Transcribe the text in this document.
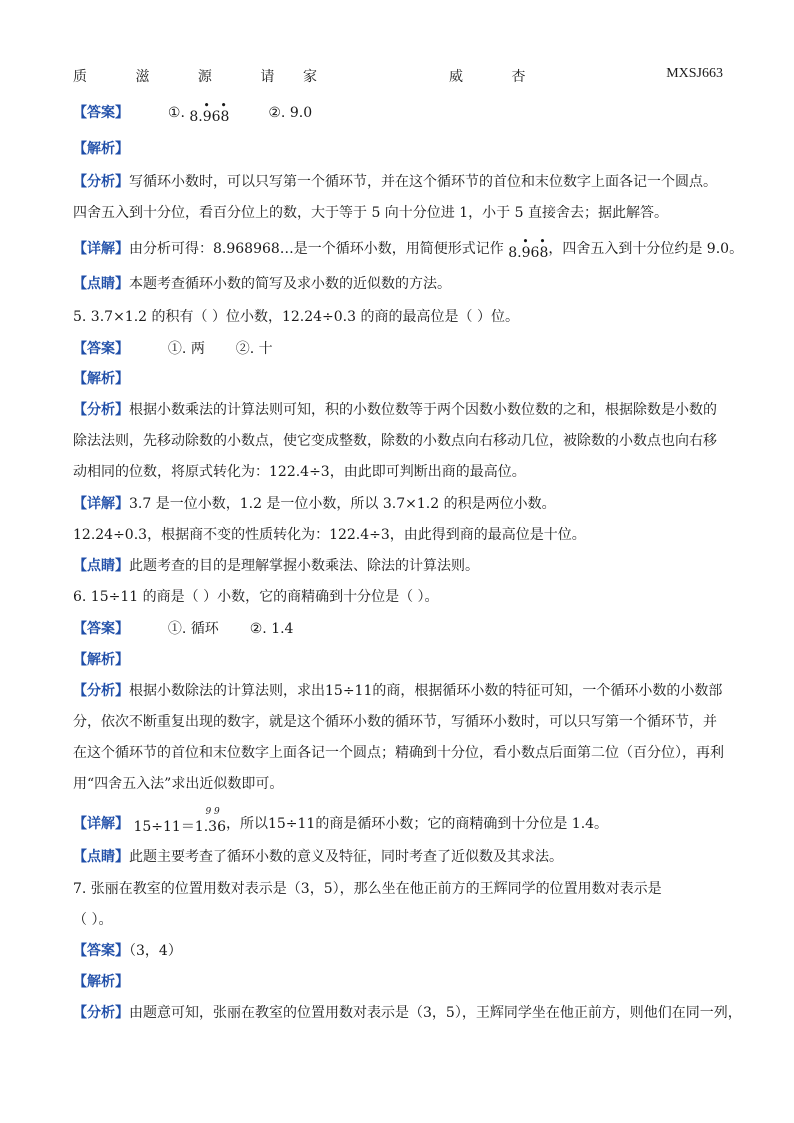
质 滋 源 请 家	威 杏	MXSJ663
【答案】	①. 8.968
• •	②. 9.0
【解析】
【分析】写循环小数时，可以只写第一个循环节，并在这个循环节的首位和末位数字上面各记一个圆点。
四舍五入到十分位，看百分位上的数，大于等于 5 向十分位进 1，小于 5 直接舍去；据此解答。
【详解】由分析可得：8.968968…是一个循环小数，用简便形式记作 8.968
• • ，四舍五入到十分位约是 9.0。
【点睛】本题考查循环小数的简写及求小数的近似数的方法。
5. 3.7×1.2 的积有（ ）位小数，12.24÷0.3 的商的最高位是（ ）位。
【答案】	①. 两 ②. 十
【解析】
【分析】根据小数乘法的计算法则可知，积的小数位数等于两个因数小数位数的之和，根据除数是小数的
除法法则，先移动除数的小数点，使它变成整数，除数的小数点向右移动几位，被除数的小数点也向右移
动相同的位数，将原式转化为：122.4÷3，由此即可判断出商的最高位。
【详解】3.7 是一位小数，1.2 是一位小数，所以 3.7×1.2 的积是两位小数。
12.24÷0.3，根据商不变的性质转化为：122.4÷3，由此得到商的最高位是十位。
【点睛】此题考查的目的是理解掌握小数乘法、除法的计算法则。
6. 15÷11 的商是（ ）小数，它的商精确到十分位是（ ）。
【答案】	①. 循环 ②. 1.4
【解析】
【分析】根据小数除法的计算法则，求出15÷11的商，根据循环小数的特征可知，一个循环小数的小数部
分，依次不断重复出现的数字，就是这个循环小数的循环节，写循环小数时，可以只写第一个循环节，并
在这个循环节的首位和末位数字上面各记一个圆点；精确到十分位，看小数点后面第二位（百分位），再利
用“四舍五入法”求出近似数即可。
【详解】 15÷11＝1.36
9 9
，所以15÷11的商是循环小数；它的商精确到十分位是 1.4。
【点睛】此题主要考查了循环小数的意义及特征，同时考查了近似数及其求法。
7. 张丽在教室的位置用数对表示是（3，5），那么坐在他正前方的王辉同学的位置用数对表示是
（ ）。
【答案】（3，4）
【解析】
【分析】由题意可知，张丽在教室的位置用数对表示是（3，5），王辉同学坐在他正前方，则他们在同一列，
